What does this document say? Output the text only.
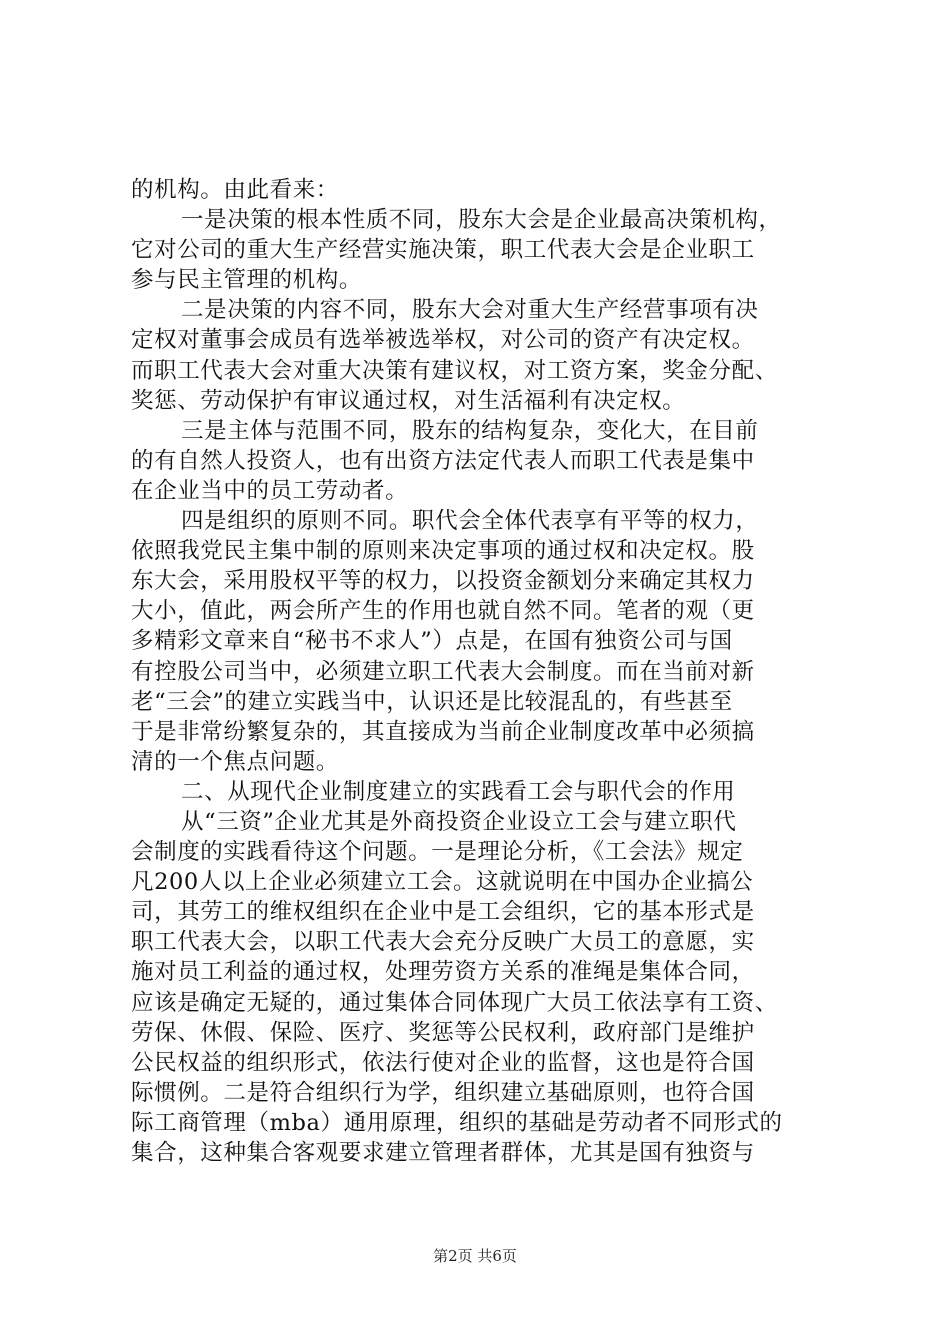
的机构。由此看来：
一是决策的根本性质不同，股东大会是企业最高决策机构，
它对公司的重大生产经营实施决策，职工代表大会是企业职工
参与民主管理的机构。
二是决策的内容不同，股东大会对重大生产经营事项有决
定权对董事会成员有选举被选举权，对公司的资产有决定权。
而职工代表大会对重大决策有建议权，对工资方案，奖金分配、
奖惩、劳动保护有审议通过权，对生活福利有决定权。
三是主体与范围不同，股东的结构复杂，变化大，在目前
的有自然人投资人，也有出资方法定代表人而职工代表是集中
在企业当中的员工劳动者。
四是组织的原则不同。职代会全体代表享有平等的权力，
依照我党民主集中制的原则来决定事项的通过权和决定权。股
东大会，采用股权平等的权力，以投资金额划分来确定其权力
大小，值此，两会所产生的作用也就自然不同。笔者的观（更
多精彩文章来自“秘书不求人”）点是，在国有独资公司与国
有控股公司当中，必须建立职工代表大会制度。而在当前对新
老“三会”的建立实践当中，认识还是比较混乱的，有些甚至
于是非常纷繁复杂的，其直接成为当前企业制度改革中必须搞
清的一个焦点问题。
二、从现代企业制度建立的实践看工会与职代会的作用
从“三资”企业尤其是外商投资企业设立工会与建立职代
会制度的实践看待这个问题。一是理论分析，《工会法》规定
凡200人以上企业必须建立工会。这就说明在中国办企业搞公
司，其劳工的维权组织在企业中是工会组织，它的基本形式是
职工代表大会，以职工代表大会充分反映广大员工的意愿，实
施对员工利益的通过权，处理劳资方关系的准绳是集体合同，
应该是确定无疑的，通过集体合同体现广大员工依法享有工资、
劳保、休假、保险、医疗、奖惩等公民权利，政府部门是维护
公民权益的组织形式，依法行使对企业的监督，这也是符合国
际惯例。二是符合组织行为学，组织建立基础原则，也符合国
际工商管理（mba）通用原理，组织的基础是劳动者不同形式的
集合，这种集合客观要求建立管理者群体，尤其是国有独资与
第2页 共6页
